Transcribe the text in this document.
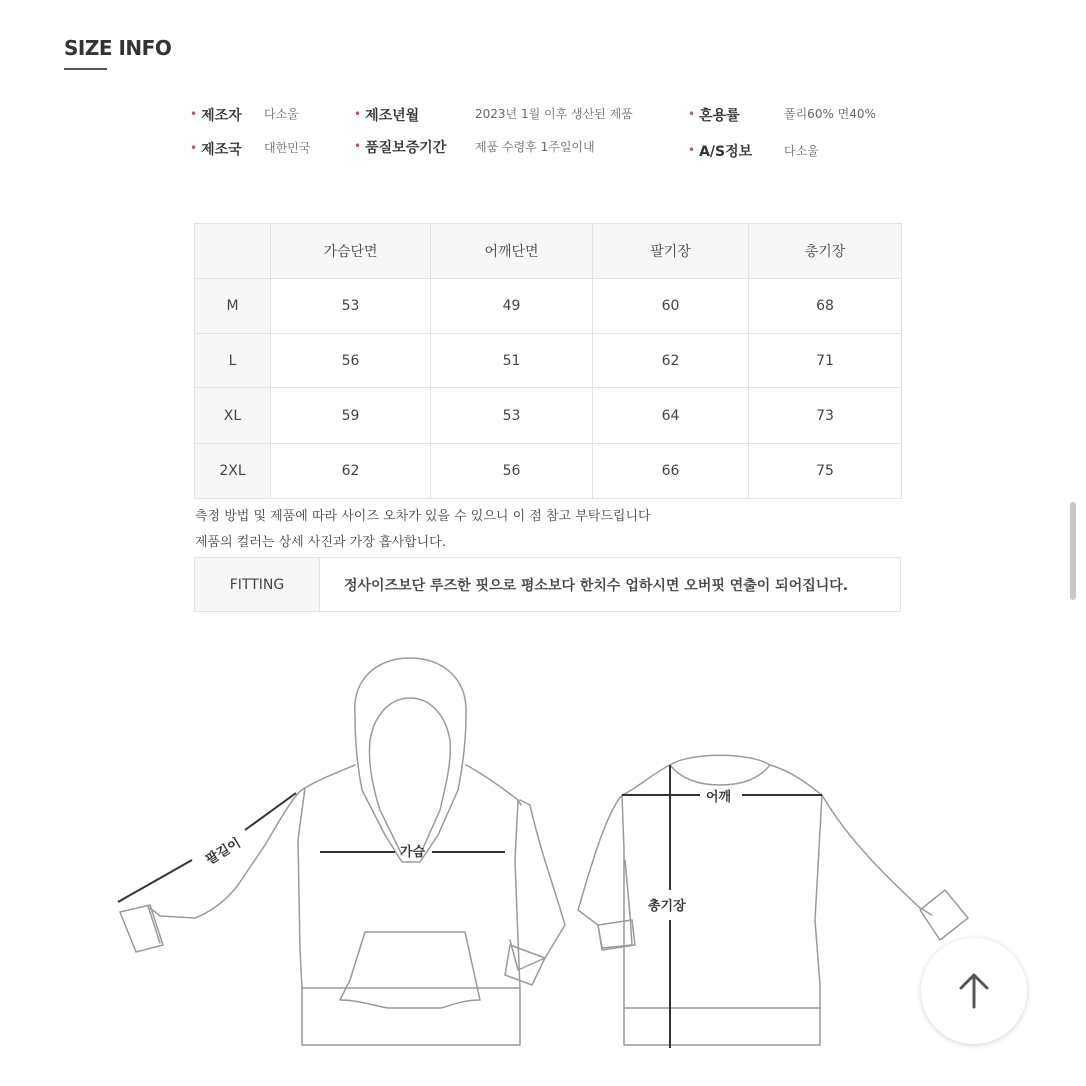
SIZE INFO
• 제조자 다소울	• 제조년월	2023년 1월 이후 생산된 제품	• 혼용률	폴리60% 면40%
• 제조국 대한민국	• 품질보증기간 제품 수령후 1주일이내	• A/S정보	다소울
	가슴단면	어깨단면	팔기장	총기장
M	53	49	60	68
L	56	51	62	71
XL	59	53	64	73
2XL	62	56	66	75
측정 방법 및 제품에 따라 사이즈 오차가 있을 수 있으니 이 점 참고 부탁드립니다
제품의 컬러는 상세 사진과 가장 흡사합니다.
FITTING	정사이즈보단 루즈한 핏으로 평소보다 한치수 업하시면 오버핏 연출이 되어집니다.
팔길이	가슴
어깨
총기장
